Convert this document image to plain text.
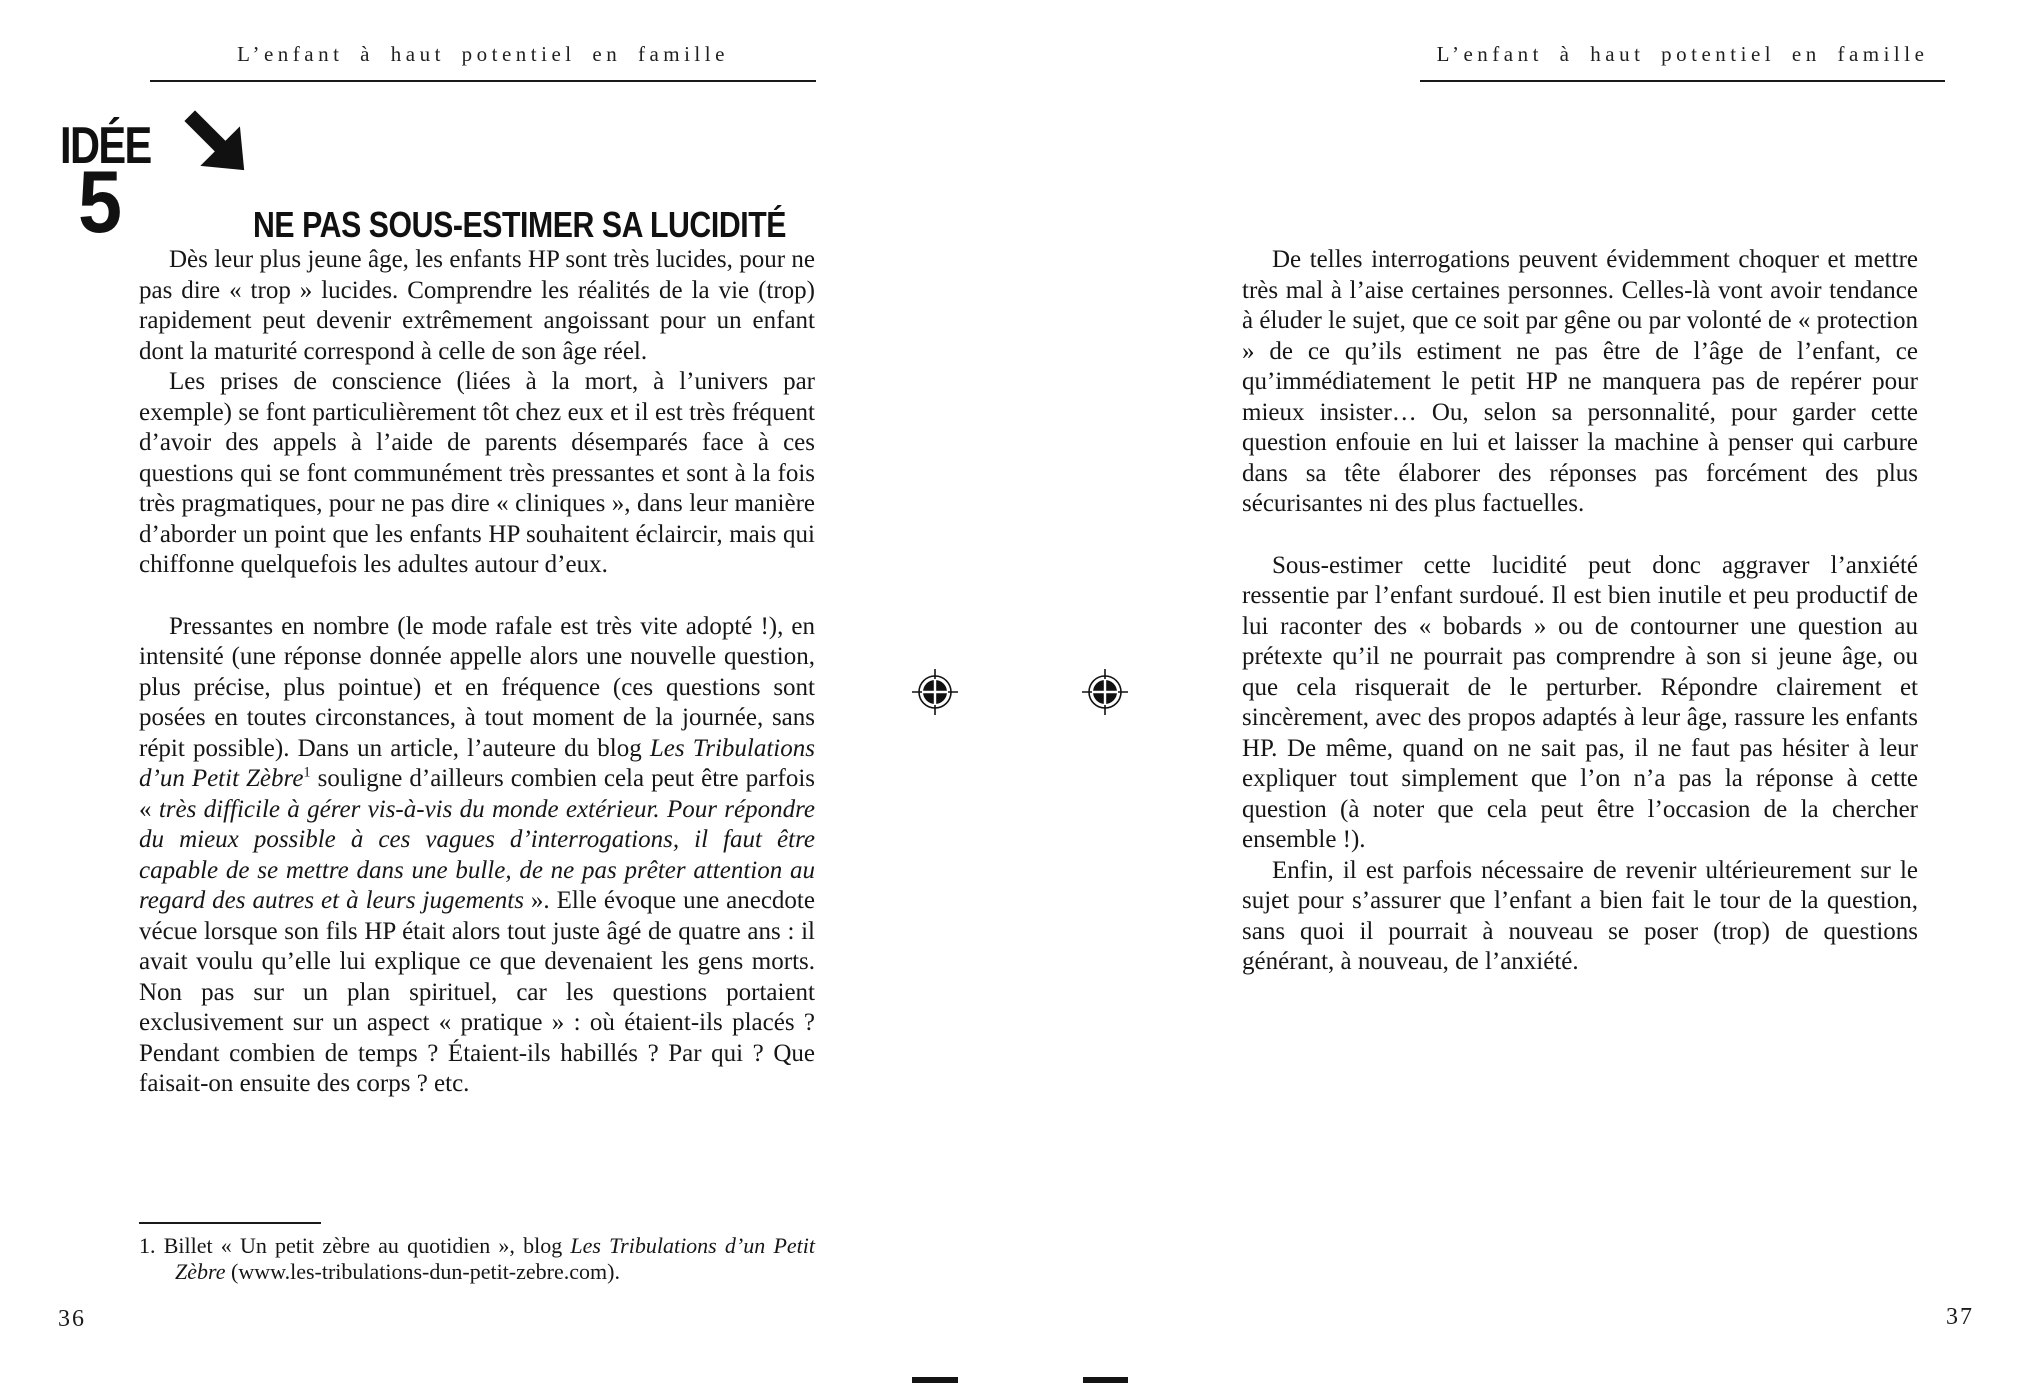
L’enfant à haut potentiel en famille
IDÉE
5	NE PAS SOUS-ESTIMER SA LUCIDITÉ

Dès leur plus jeune âge, les enfants HP sont très lucides, pour ne pas dire « trop » lucides. Comprendre les réalités de la vie (trop) rapidement peut devenir extrêmement angoissant pour un enfant dont la maturité correspond à celle de son âge réel.

Les prises de conscience (liées à la mort, à l’univers par exemple) se font particulièrement tôt chez eux et il est très fréquent d’avoir des appels à l’aide de parents désemparés face à ces questions qui se font communément très pressantes et sont à la fois très pragmatiques, pour ne pas dire « cliniques », dans leur manière d’aborder un point que les enfants HP souhaitent éclaircir, mais qui chiffonne quelquefois les adultes autour d’eux.

Pressantes en nombre (le mode rafale est très vite adopté !), en intensité (une réponse donnée appelle alors une nouvelle question, plus précise, plus pointue) et en fréquence (ces questions sont posées en toutes circonstances, à tout moment de la journée, sans répit possible). Dans un article, l’auteure du blog Les Tribulations d’un Petit Zèbre$^1$ souligne d’ailleurs combien cela peut être parfois « très difficile à gérer vis-à-vis du monde extérieur. Pour répondre du mieux possible à ces vagues d’interrogations, il faut être capable de se mettre dans une bulle, de ne pas prêter attention au regard des autres et à leurs jugements ». Elle évoque une anecdote vécue lorsque son fils HP était alors tout juste âgé de quatre ans : il avait voulu qu’elle lui explique ce que devenaient les gens morts. Non pas sur un plan spirituel, car les questions portaient exclusivement sur un aspect « pratique » : où étaient-ils placés ? Pendant combien de temps ? Étaient-ils habillés ? Par qui ? Que faisait-on ensuite des corps ? etc.

1. Billet « Un petit zèbre au quotidien », blog Les Tribulations d’un Petit Zèbre (www.les-tribulations-dun-petit-zebre.com).

36
L’enfant à haut potentiel en famille

De telles interrogations peuvent évidemment choquer et mettre très mal à l’aise certaines personnes. Celles-là vont avoir tendance à éluder le sujet, que ce soit par gêne ou par volonté de « protection » de ce qu’ils estiment ne pas être de l’âge de l’enfant, ce qu’immédiatement le petit HP ne manquera pas de repérer pour mieux insister… Ou, selon sa personnalité, pour garder cette question enfouie en lui et laisser la machine à penser qui carbure dans sa tête élaborer des réponses pas forcément des plus sécurisantes ni des plus factuelles.

Sous-estimer cette lucidité peut donc aggraver l’anxiété ressentie par l’enfant surdoué. Il est bien inutile et peu productif de lui raconter des « bobards » ou de contourner une question au prétexte qu’il ne pourrait pas comprendre à son si jeune âge, ou que cela risquerait de le perturber. Répondre clairement et sincèrement, avec des propos adaptés à leur âge, rassure les enfants HP. De même, quand on ne sait pas, il ne faut pas hésiter à leur expliquer tout simplement que l’on n’a pas la réponse à cette question (à noter que cela peut être l’occasion de la chercher ensemble !).

Enfin, il est parfois nécessaire de revenir ultérieurement sur le sujet pour s’assurer que l’enfant a bien fait le tour de la question, sans quoi il pourrait à nouveau se poser (trop) de questions générant, à nouveau, de l’anxiété.

37
